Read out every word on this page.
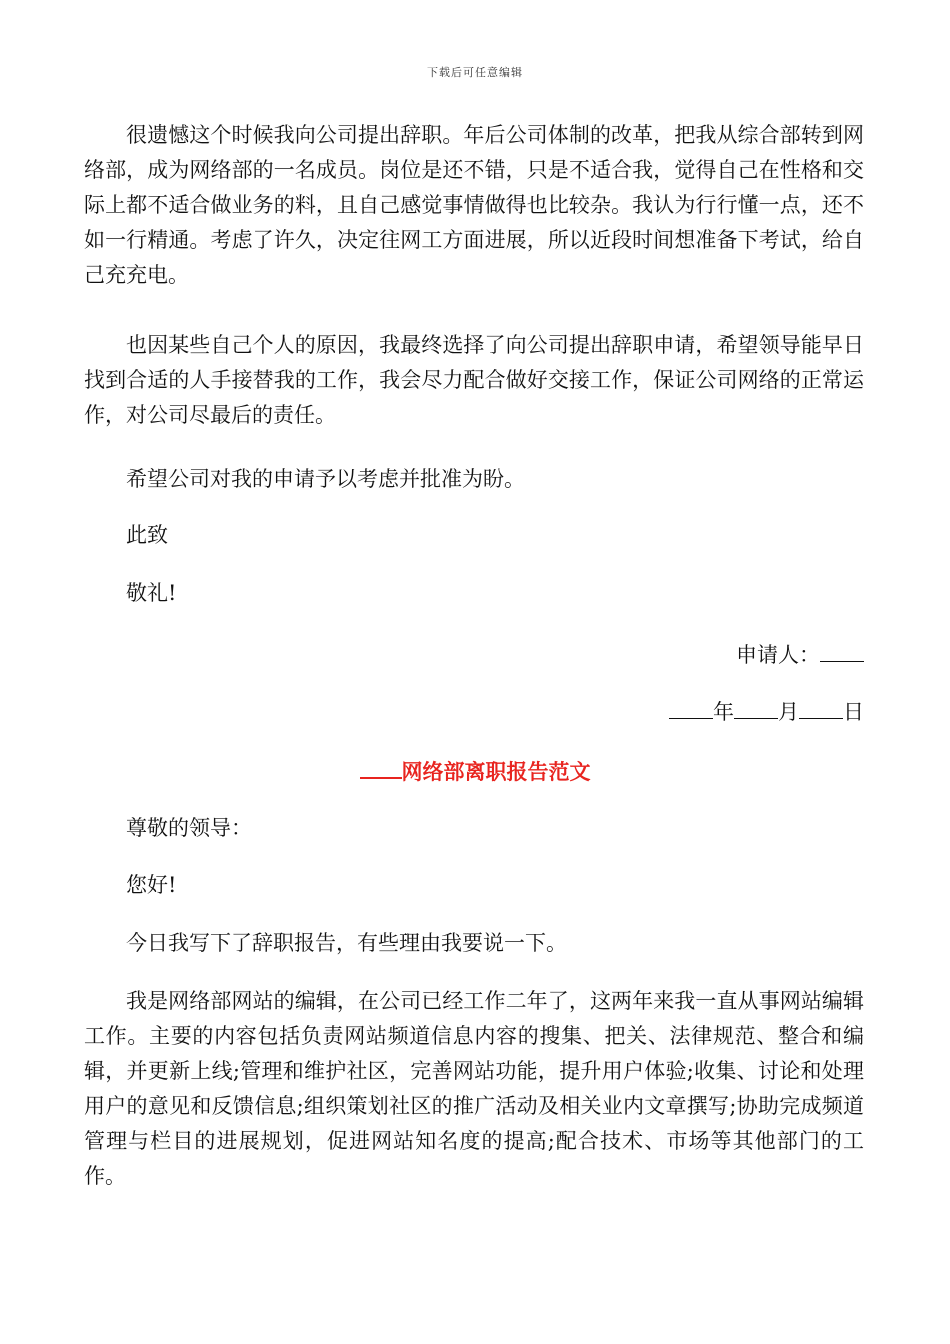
下载后可任意编辑

很遗憾这个时候我向公司提出辞职。年后公司体制的改革，把我从综合部转到网络部，成为网络部的一名成员。岗位是还不错，只是不适合我，觉得自己在性格和交际上都不适合做业务的料，且自己感觉事情做得也比较杂。我认为行行懂一点，还不如一行精通。考虑了许久，决定往网工方面进展，所以近段时间想准备下考试，给自己充充电。

也因某些自己个人的原因，我最终选择了向公司提出辞职申请，希望领导能早日找到合适的人手接替我的工作，我会尽力配合做好交接工作，保证公司网络的正常运作，对公司尽最后的责任。

希望公司对我的申请予以考虑并批准为盼。
此致
敬礼!
申请人：
年 月 日
网络部离职报告范文
尊敬的领导：
您好!
今日我写下了辞职报告，有些理由我要说一下。

我是网络部网站的编辑，在公司已经工作二年了，这两年来我一直从事网站编辑工作。主要的内容包括负责网站频道信息内容的搜集、把关、法律规范、整合和编辑，并更新上线;管理和维护社区，完善网站功能，提升用户体验;收集、讨论和处理用户的意见和反馈信息;组织策划社区的推广活动及相关业内文章撰写;协助完成频道管理与栏目的进展规划，促进网站知名度的提高;配合技术、市场等其他部门的工作。
